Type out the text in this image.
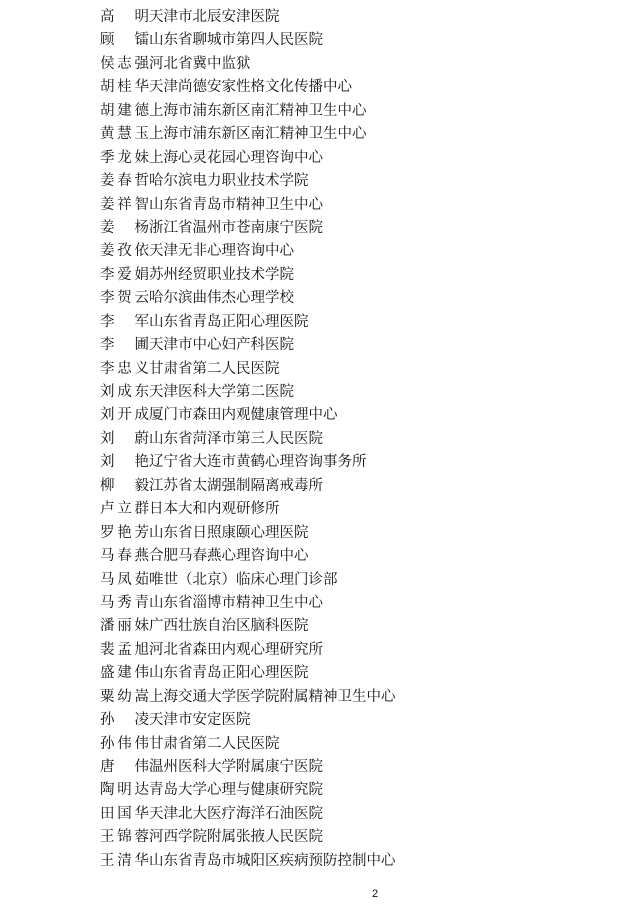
高　明天津市北辰安津医院
顾　镭山东省聊城市第四人民医院
侯志强河北省冀中监狱
胡桂华天津尚德安家性格文化传播中心
胡建德上海市浦东新区南汇精神卫生中心
黄慧玉上海市浦东新区南汇精神卫生中心
季龙妹上海心灵花园心理咨询中心
姜春哲哈尔滨电力职业技术学院
姜祥智山东省青岛市精神卫生中心
姜　杨浙江省温州市苍南康宁医院
姜孜依天津无非心理咨询中心
李爱娟苏州经贸职业技术学院
李贺云哈尔滨曲伟杰心理学校
李　军山东省青岛正阳心理医院
李　圃天津市中心妇产科医院
李忠义甘肃省第二人民医院
刘成东天津医科大学第二医院
刘开成厦门市森田内观健康管理中心
刘　蔚山东省菏泽市第三人民医院
刘　艳辽宁省大连市黄鹤心理咨询事务所
柳　毅江苏省太湖强制隔离戒毒所
卢立群日本大和内观研修所
罗艳芳山东省日照康颐心理医院
马春燕合肥马春燕心理咨询中心
马凤茹唯世（北京）临床心理门诊部
马秀青山东省淄博市精神卫生中心
潘丽妹广西壮族自治区脑科医院
裴孟旭河北省森田内观心理研究所
盛建伟山东省青岛正阳心理医院
粟幼嵩上海交通大学医学院附属精神卫生中心
孙　凌天津市安定医院
孙伟伟甘肃省第二人民医院
唐　伟温州医科大学附属康宁医院
陶明达青岛大学心理与健康研究院
田国华天津北大医疗海洋石油医院
王锦蓉河西学院附属张掖人民医院
王清华山东省青岛市城阳区疾病预防控制中心
2
